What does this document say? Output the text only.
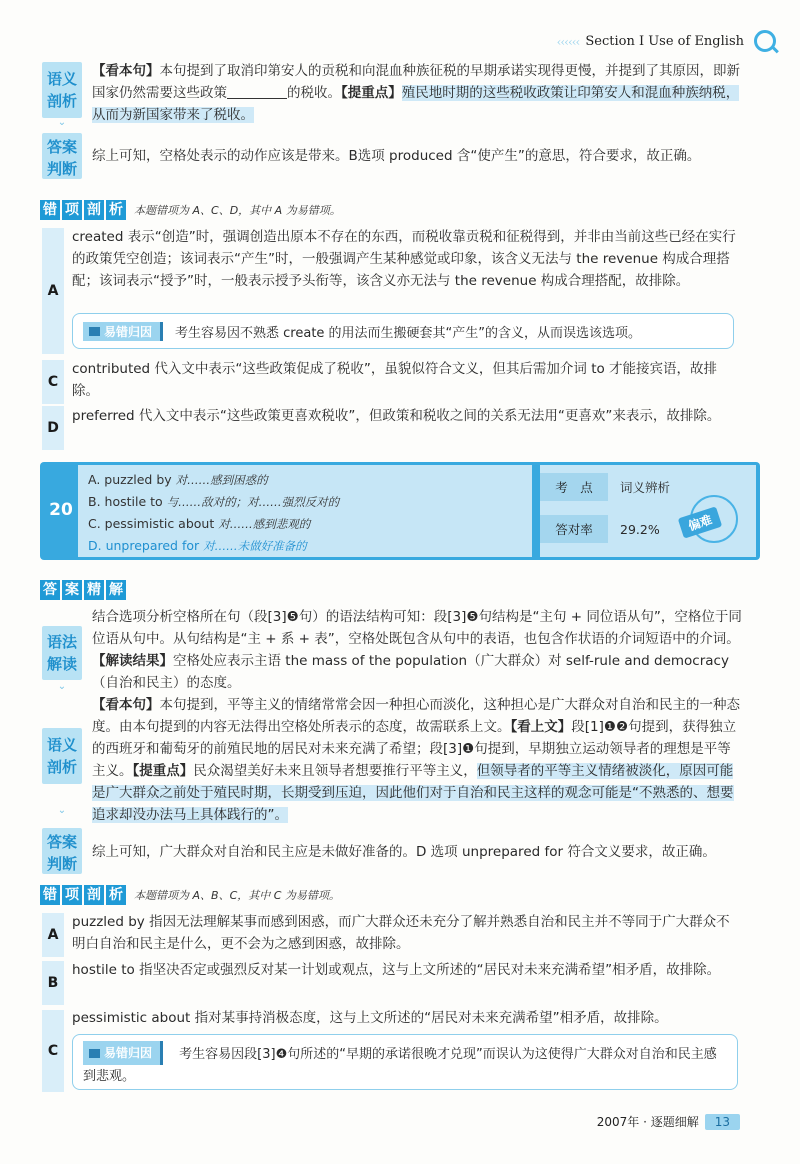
‹‹‹‹‹‹ Section I Use of English
语义
剖析
⌄
【看本句】本句提到了取消印第安人的贡税和向混血种族征税的早期承诺实现得更慢，并提到了其原因，即新国家仍然需要这些政策	的税收。【提重点】殖民地时期的这些税收政策让印第安人和混血种族纳税，从而为新国家带来了税收。
答案
判断
综上可知，空格处表示的动作应该是带来。B选项 produced 含“使产生”的意思，符合要求，故正确。
错 项 剖 析 本题错项为 A、C、D，其中 A 为易错项。
A
created 表示“创造”时，强调创造出原本不存在的东西，而税收靠贡税和征税得到，并非由当前这些已经在实行的政策凭空创造；该词表示“产生”时，一般强调产生某种感觉或印象，该含义无法与 the revenue 构成合理搭配；该词表示“授予”时，一般表示授予头衔等，该含义亦无法与 the revenue 构成合理搭配，故排除。
易错归因 考生容易因不熟悉 create 的用法而生搬硬套其“产生”的含义，从而误选该选项。
C
contributed 代入文中表示“这些政策促成了税收”，虽貌似符合文义，但其后需加介词 to 才能接宾语，故排除。
D
preferred 代入文中表示“这些政策更喜欢税收”，但政策和税收之间的关系无法用“更喜欢”来表示，故排除。
20
A. puzzled by 对……感到困惑的
B. hostile to 与……敌对的；对……强烈反对的
C. pessimistic about 对……感到悲观的
D. unprepared for 对……未做好准备的
考　点	词义辨析
答对率	29.2%	偏难
答 案 精 解
语法
解读
⌄
结合选项分析空格所在句（段[3]❺句）的语法结构可知：段[3]❺句结构是“主句 + 同位语从句”，空格位于同位语从句中。从句结构是“主 + 系 + 表”，空格处既包含从句中的表语，也包含作状语的介词短语中的介词。【解读结果】空格处应表示主语 the mass of the population（广大群众）对 self-rule and democracy（自治和民主）的态度。
语义
剖析
⌄
【看本句】本句提到，平等主义的情绪常常会因一种担心而淡化，这种担心是广大群众对自治和民主的一种态度。由本句提到的内容无法得出空格处所表示的态度，故需联系上文。【看上文】段[1]❶❷句提到，获得独立的西班牙和葡萄牙的前殖民地的居民对未来充满了希望；段[3]❶句提到，早期独立运动领导者的理想是平等主义。【提重点】民众渴望美好未来且领导者想要推行平等主义，但领导者的平等主义情绪被淡化，原因可能是广大群众之前处于殖民时期，长期受到压迫，因此他们对于自治和民主这样的观念可能是“不熟悉的、想要追求却没办法马上具体践行的”。
答案
判断
综上可知，广大群众对自治和民主应是未做好准备的。D 选项 unprepared for 符合文义要求，故正确。
错 项 剖 析 本题错项为 A、B、C，其中 C 为易错项。
A
puzzled by 指因无法理解某事而感到困惑，而广大群众还未充分了解并熟悉自治和民主并不等同于广大群众不明白自治和民主是什么，更不会为之感到困惑，故排除。
B
hostile to 指坚决否定或强烈反对某一计划或观点，这与上文所述的“居民对未来充满希望”相矛盾，故排除。
C
pessimistic about 指对某事持消极态度，这与上文所述的“居民对未来充满希望”相矛盾，故排除。
易错归因 考生容易因段[3]❹句所述的“早期的承诺很晚才兑现”而误认为这使得广大群众对自治和民主感到悲观。
2007年 · 逐题细解	13
